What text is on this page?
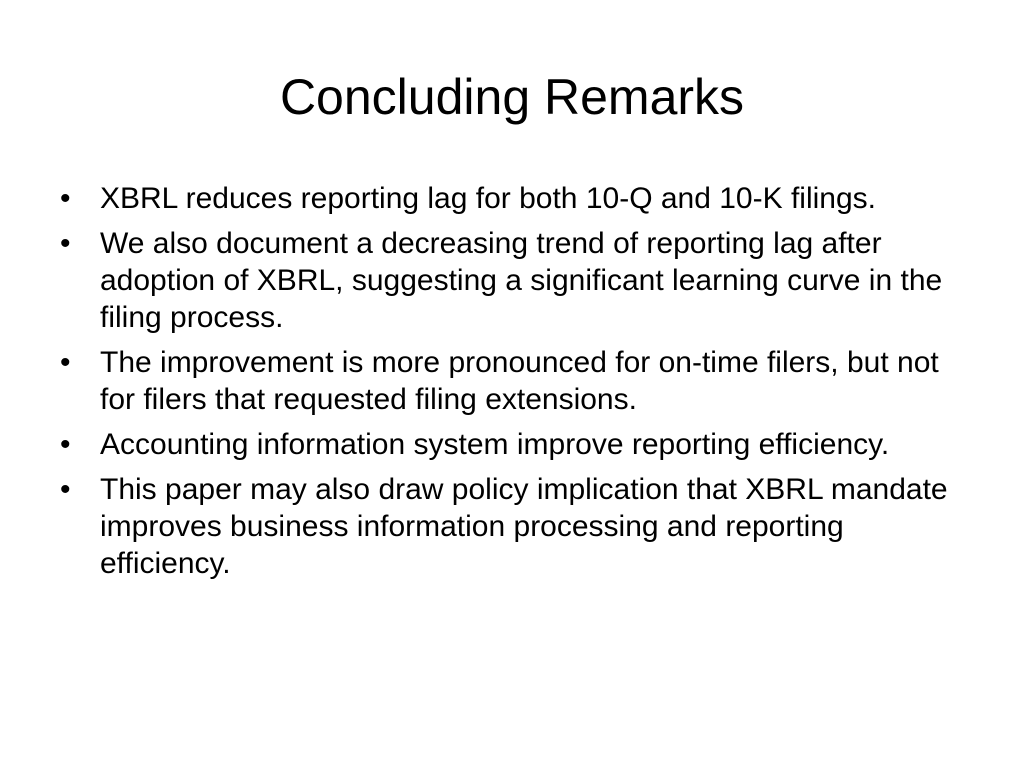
Concluding Remarks
• XBRL reduces reporting lag for both 10-Q and 10-K filings.
• We also document a decreasing trend of reporting lag after adoption of XBRL, suggesting a significant learning curve in the filing process.
• The improvement is more pronounced for on-time filers, but not for filers that requested filing extensions.
• Accounting information system improve reporting efficiency.
• This paper may also draw policy implication that XBRL mandate improves business information processing and reporting efficiency.
